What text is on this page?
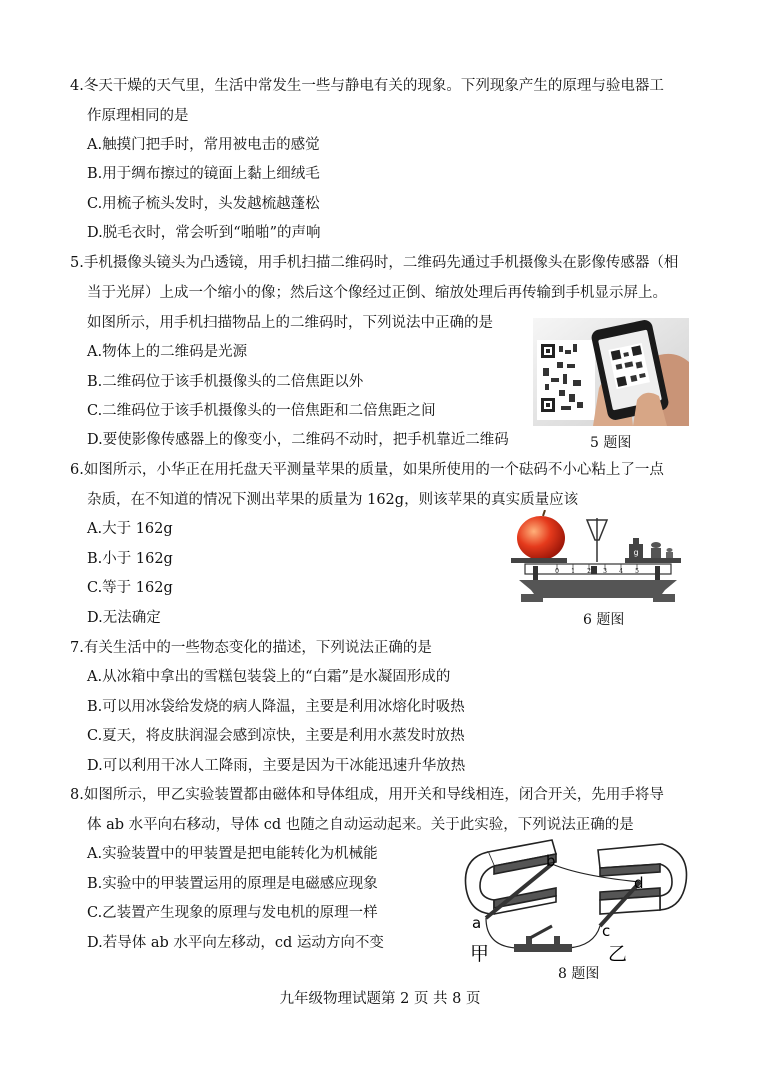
4.冬天干燥的天气里，生活中常发生一些与静电有关的现象。下列现象产生的原理与验电器工
作原理相同的是
A.触摸门把手时，常用被电击的感觉
B.用于绸布擦过的镜面上黏上细绒毛
C.用梳子梳头发时，头发越梳越蓬松
D.脱毛衣时，常会听到“啪啪”的声响
5.手机摄像头镜头为凸透镜，用手机扫描二维码时，二维码先通过手机摄像头在影像传感器（相
当于光屏）上成一个缩小的像；然后这个像经过正倒、缩放处理后再传输到手机显示屏上。
如图所示，用手机扫描物品上的二维码时，下列说法中正确的是
A.物体上的二维码是光源
B.二维码位于该手机摄像头的二倍焦距以外
C.二维码位于该手机摄像头的一倍焦距和二倍焦距之间
D.要使影像传感器上的像变小，二维码不动时，把手机靠近二维码	5 题图
6.如图所示，小华正在用托盘天平测量苹果的质量，如果所使用的一个砝码不小心粘上了一点
杂质，在不知道的情况下测出苹果的质量为 162g，则该苹果的真实质量应该
A.大于 162g
B.小于 162g
C.等于 162g
D.无法确定
g
0 1 2 3 4 5
6 题图
7.有关生活中的一些物态变化的描述，下列说法正确的是
A.从冰箱中拿出的雪糕包装袋上的“白霜”是水凝固形成的
B.可以用冰袋给发烧的病人降温，主要是利用冰熔化时吸热
C.夏天，将皮肤润湿会感到凉快，主要是利用水蒸发时放热
D.可以利用干冰人工降雨，主要是因为干冰能迅速升华放热
8.如图所示，甲乙实验装置都由磁体和导体组成，用开关和导线相连，闭合开关，先用手将导
体 ab 水平向右移动，导体 cd 也随之自动运动起来。关于此实验，下列说法正确的是
A.实验装置中的甲装置是把电能转化为机械能
B.实验中的甲装置运用的原理是电磁感应现象
C.乙装置产生现象的原理与发电机的原理一样
D.若导体 ab 水平向左移动，cd 运动方向不变
b
a
d
c
甲	乙
8 题图
九年级物理试题第 2 页 共 8 页
